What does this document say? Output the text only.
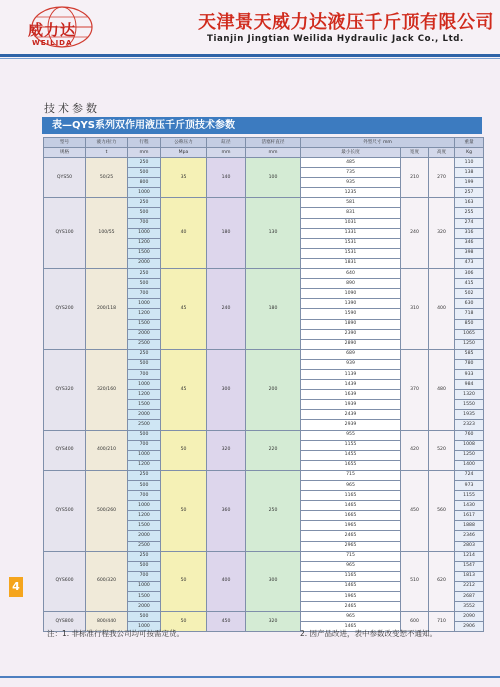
威力达
WEILIDA
天津景天威力达液压千斤顶有限公司
Tianjin Jingtian Weilida Hydraulic Jack Co., Ltd.
技术参数
表—QYS系列双作用液压千斤顶技术参数
型号	液力/拉力	行程	公称压力	缸径	活塞杆直径	外型尺寸 mm			重量
规格	t	mm	Mpa	mm	mm	最小长度	宽度	高度	Kg
QYS50	50/25	250	35	140	100	485	210	270	110
		500				735			138
		800				935			199
		1000				1235			257
QYS100	100/55	250	40	180	130	581	240	320	163
		500				831			255
		700				1031			274
		1000				1331			316
		1200				1531			346
		1500				1531			398
		2000				1831			473
QYS200	200/118	250	45	240	180	640	310	400	306
		500				890			415
		700				1090			502
		1000				1390			630
		1200				1590			718
		1500				1890			850
		2000				2390			1065
		2500				2890			1250
QYS320	320/160	250	45	300	200	689	370	480	585
		500				939			780
		700				1139			933
		1000				1439			984
		1200				1639			1320
		1500				1939			1550
		2000				2439			1935
		2500				2939			2323
QYS400	400/210	500	50	320	220	955	420	520	760
		700				1155			1008
		1000				1455			1250
		1200				1655			1400
QYS500	500/260	250	50	360	250	715	450	560	724
		500				965			973
		700				1165			1155
		1000				1465			1430
		1200				1665			1617
		1500				1965			1888
		2000				2465			2346
		2500				2965			2803
QYS600	600/320	250	50	400	300	715	510	620	1214
		500				965			1547
		700				1165			1813
		1000				1465			2212
		1500				1965			2687
		2000				2465			3552
QYS800	800/440	500	50	450	320	965	600	710	2090
		1000				1465			2906
4
注：1. 非标准行程我公司均可按需定货。	2. 因产品改进，表中参数改变恕不通知。
